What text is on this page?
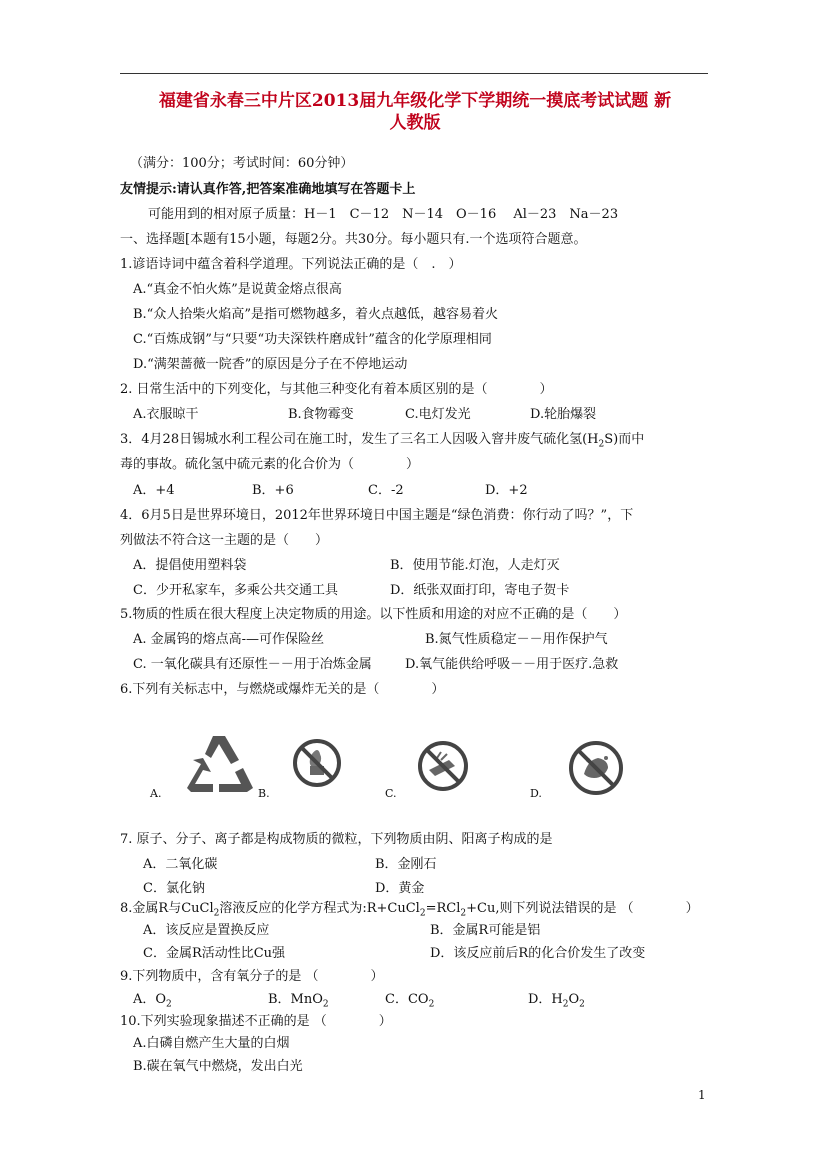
福建省永春三中片区2013届九年级化学下学期统一摸底考试试题 新
人教版
（满分：100分；考试时间：60分钟）
友情提示:请认真作答,把答案准确地填写在答题卡上
可能用到的相对原子质量：H－1　C－12　N－14　O－16　 Al－23　Na－23
一、选择题[本题有15小题，每题2分。共30分。每小题只有.一个选项符合题意。
1.谚语诗词中蕴含着科学道理。下列说法正确的是（　.　）
A.“真金不怕火炼”是说黄金熔点很高
B.“众人拾柴火焰高”是指可燃物越多，着火点越低，越容易着火
C.“百炼成钢”与“只要“功夫深铁杵磨成针”蕴含的化学原理相同
D.“满架蔷薇一院香”的原因是分子在不停地运动
2. 日常生活中的下列变化，与其他三种变化有着本质区别的是（　　　　）
A.衣服晾干	B.食物霉变	C.电灯发光	D.轮胎爆裂
3．4月28日锡城水利工程公司在施工时，发生了三名工人因吸入窨井废气硫化氢$(H_2S)$而中
毒的事故。硫化氢中硫元素的化合价为（　　　　）
A．+4	B．+6	C．-2	D．+2
4．6月5日是世界环境日，2012年世界环境日中国主题是“绿色消费：你行动了吗？”，下
列做法不符合这一主题的是（　　）
A．提倡使用塑料袋	B．使用节能.灯泡，人走灯灭
C．少开私家车，多乘公共交通工具	D．纸张双面打印，寄电子贺卡
5.物质的性质在很大程度上决定物质的用途。以下性质和用途的对应不正确的是（　　）
A. 金属钨的熔点高-—可作保险丝	B.氮气性质稳定－－用作保护气
C. 一氧化碳具有还原性－－用于冶炼金属	D.氧气能供给呼吸－－用于医疗.急救
6.下列有关标志中，与燃烧或爆炸无关的是（　　　　）
A.	B.	C.	D.
7. 原子、分子、离子都是构成物质的微粒，下列物质由阴、阳离子构成的是
A．二氧化碳	B．金刚石
C．氯化钠	D．黄金
8.金属R与CuCl$_2$溶液反应的化学方程式为:R+CuCl$_2$=RCl$_2$+Cu,则下列说法错误的是 （　　　　）
A．该反应是置换反应	B．金属R可能是铝
C．金属R活动性比Cu强	D．该反应前后R的化合价发生了改变
9.下列物质中，含有氧分子的是 （　　　　）
A．$O_2$	B．MnO$_2$	C．$CO_2$	D．$H_2O_2$
10.下列实验现象描述不正确的是 （　　　　）
A.白磷自燃产生大量的白烟
B.碳在氧气中燃烧，发出白光
1
